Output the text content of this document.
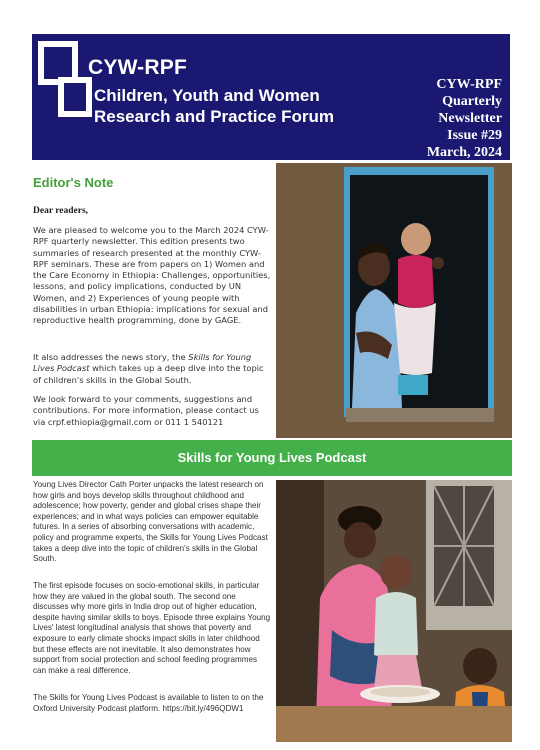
CYW-RPF
Children, Youth and Women
Research and Practice Forum
CYW-RPF
Quarterly
Newsletter
Issue #29
March, 2024
Editor's Note
Dear readers,
We are pleased to welcome you to the March 2024 CYW-RPF quarterly newsletter. This edition presents two summaries of research presented at the monthly CYW-RPF seminars. These are from papers on 1) Women and the Care Economy in Ethiopia: Challenges, opportunities, lessons, and policy implications, conducted by UN Women, and 2) Experiences of young people with disabilities in urban Ethiopia: implications for sexual and reproductive health programming, done by GAGE.
It also addresses the news story, the Skills for Young Lives Podcast which takes up a deep dive into the topic of children's skills in the Global South.
We look forward to your comments, suggestions and contributions. For more information, please contact us via crpf.ethiopia@gmail.com or 011 1 540121
Skills for Young Lives Podcast
Young Lives Director Cath Porter unpacks the latest research on how girls and boys develop skills throughout childhood and adolescence; how poverty, gender and global crises shape their experiences; and in what ways policies can empower equitable futures. In a series of absorbing conversations with academic, policy and programme experts, the Skills for Young Lives Podcast takes a deep dive into the topic of children's skills in the Global South.
The first episode focuses on socio-emotional skills, in particular how they are valued in the global south. The second one discusses why more girls in India drop out of higher education, despite having similar skills to boys. Episode three explains Young Lives' latest longitudinal analysis that shows that poverty and exposure to early climate shocks impact skills in later childhood but these effects are not inevitable. It also demonstrates how support from social protection and school feeding programmes can make a real difference.
The Skills for Young Lives Podcast is available to listen to on the Oxford University Podcast platform. https://bit.ly/496QDW1
